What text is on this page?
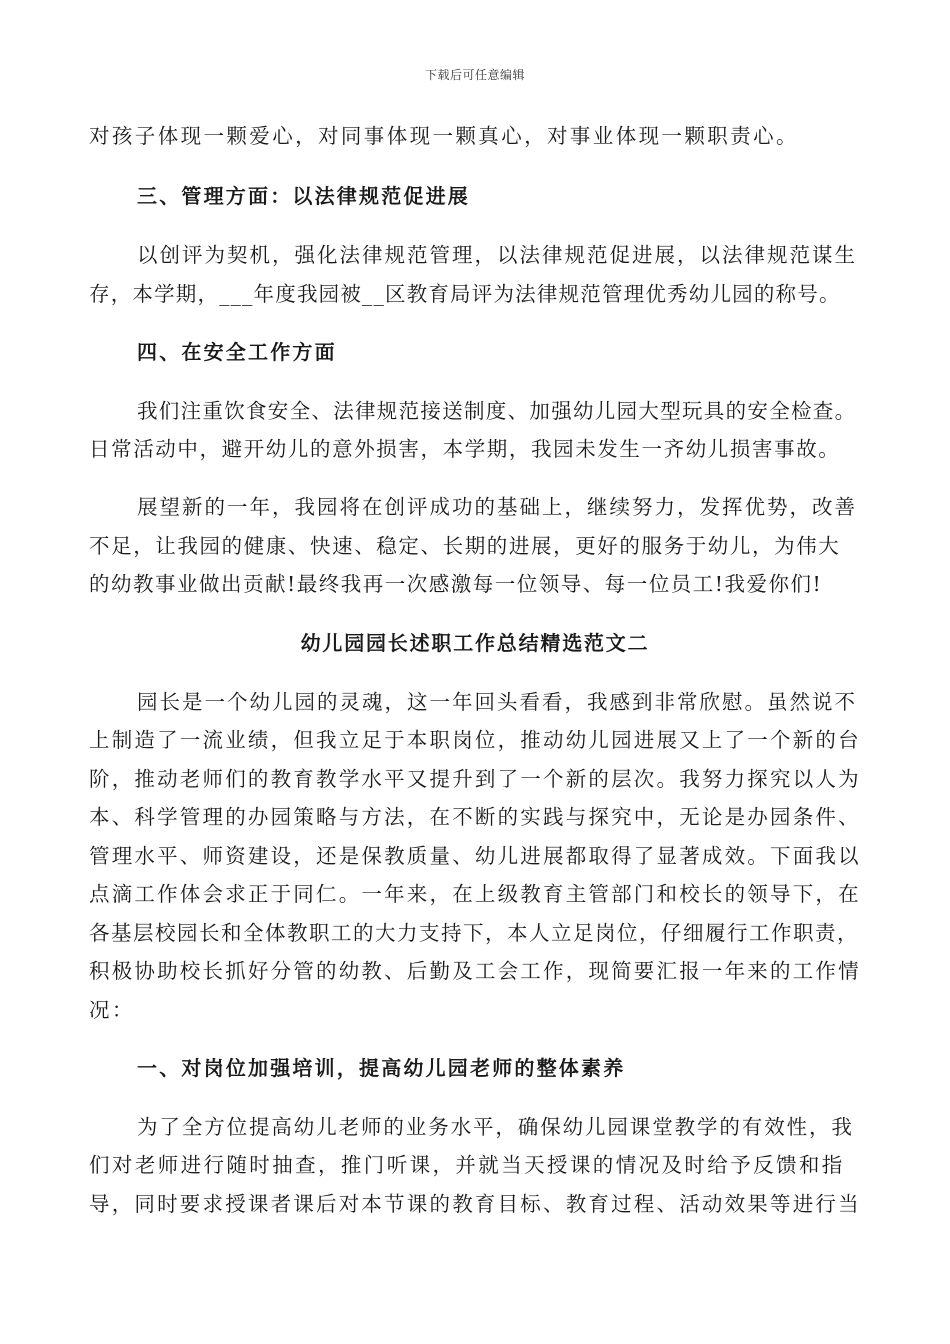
下载后可任意编辑
对孩子体现一颗爱心，对同事体现一颗真心，对事业体现一颗职责心。
三、管理方面：以法律规范促进展
以创评为契机，强化法律规范管理，以法律规范促进展，以法律规范谋生
存，本学期，___年度我园被__区教育局评为法律规范管理优秀幼儿园的称号。
四、在安全工作方面
我们注重饮食安全、法律规范接送制度、加强幼儿园大型玩具的安全检查。
日常活动中，避开幼儿的意外损害，本学期，我园未发生一齐幼儿损害事故。
展望新的一年，我园将在创评成功的基础上，继续努力，发挥优势，改善
不足，让我园的健康、快速、稳定、长期的进展，更好的服务于幼儿，为伟大
的幼教事业做出贡献!最终我再一次感激每一位领导、每一位员工!我爱你们!
幼儿园园长述职工作总结精选范文二
园长是一个幼儿园的灵魂，这一年回头看看，我感到非常欣慰。虽然说不
上制造了一流业绩，但我立足于本职岗位，推动幼儿园进展又上了一个新的台
阶，推动老师们的教育教学水平又提升到了一个新的层次。我努力探究以人为
本、科学管理的办园策略与方法，在不断的实践与探究中，无论是办园条件、
管理水平、师资建设，还是保教质量、幼儿进展都取得了显著成效。下面我以
点滴工作体会求正于同仁。一年来，在上级教育主管部门和校长的领导下，在
各基层校园长和全体教职工的大力支持下，本人立足岗位，仔细履行工作职责，
积极协助校长抓好分管的幼教、后勤及工会工作，现简要汇报一年来的工作情
况：
一、对岗位加强培训，提高幼儿园老师的整体素养
为了全方位提高幼儿老师的业务水平，确保幼儿园课堂教学的有效性，我
们对老师进行随时抽查，推门听课，并就当天授课的情况及时给予反馈和指
导，同时要求授课者课后对本节课的教育目标、教育过程、活动效果等进行当
